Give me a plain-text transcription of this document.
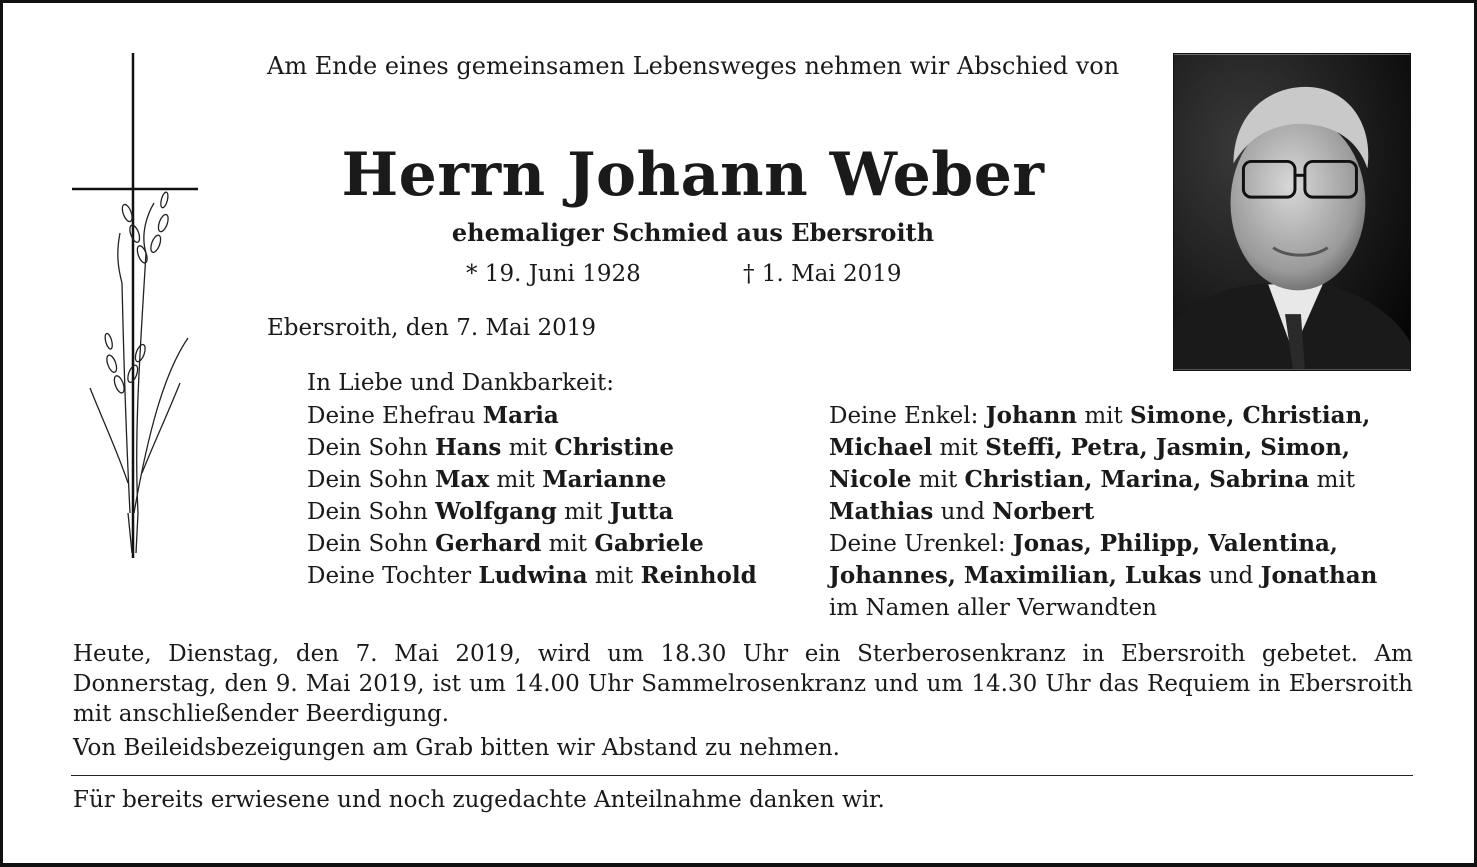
Am Ende eines gemeinsamen Lebensweges nehmen wir Abschied von
Herrn Johann Weber
ehemaliger Schmied aus Ebersroith
* 19. Juni 1928	† 1. Mai 2019
Ebersroith, den 7. Mai 2019
In Liebe und Dankbarkeit:
Deine Ehefrau Maria
Dein Sohn Hans mit Christine
Dein Sohn Max mit Marianne
Dein Sohn Wolfgang mit Jutta
Dein Sohn Gerhard mit Gabriele
Deine Tochter Ludwina mit Reinhold
Deine Enkel: Johann mit Simone, Christian,
Michael mit Steffi, Petra, Jasmin, Simon,
Nicole mit Christian, Marina, Sabrina mit
Mathias und Norbert
Deine Urenkel: Jonas, Philipp, Valentina,
Johannes, Maximilian, Lukas und Jonathan
im Namen aller Verwandten
Heute, Dienstag, den 7. Mai 2019, wird um 18.30 Uhr ein Sterberosenkranz in Ebersroith gebetet. Am Donnerstag, den 9. Mai 2019, ist um 14.00 Uhr Sammelrosenkranz und um 14.30 Uhr das Requiem in Ebersroith mit anschließender Beerdigung.
Von Beileidsbezeigungen am Grab bitten wir Abstand zu nehmen.
Für bereits erwiesene und noch zugedachte Anteilnahme danken wir.
